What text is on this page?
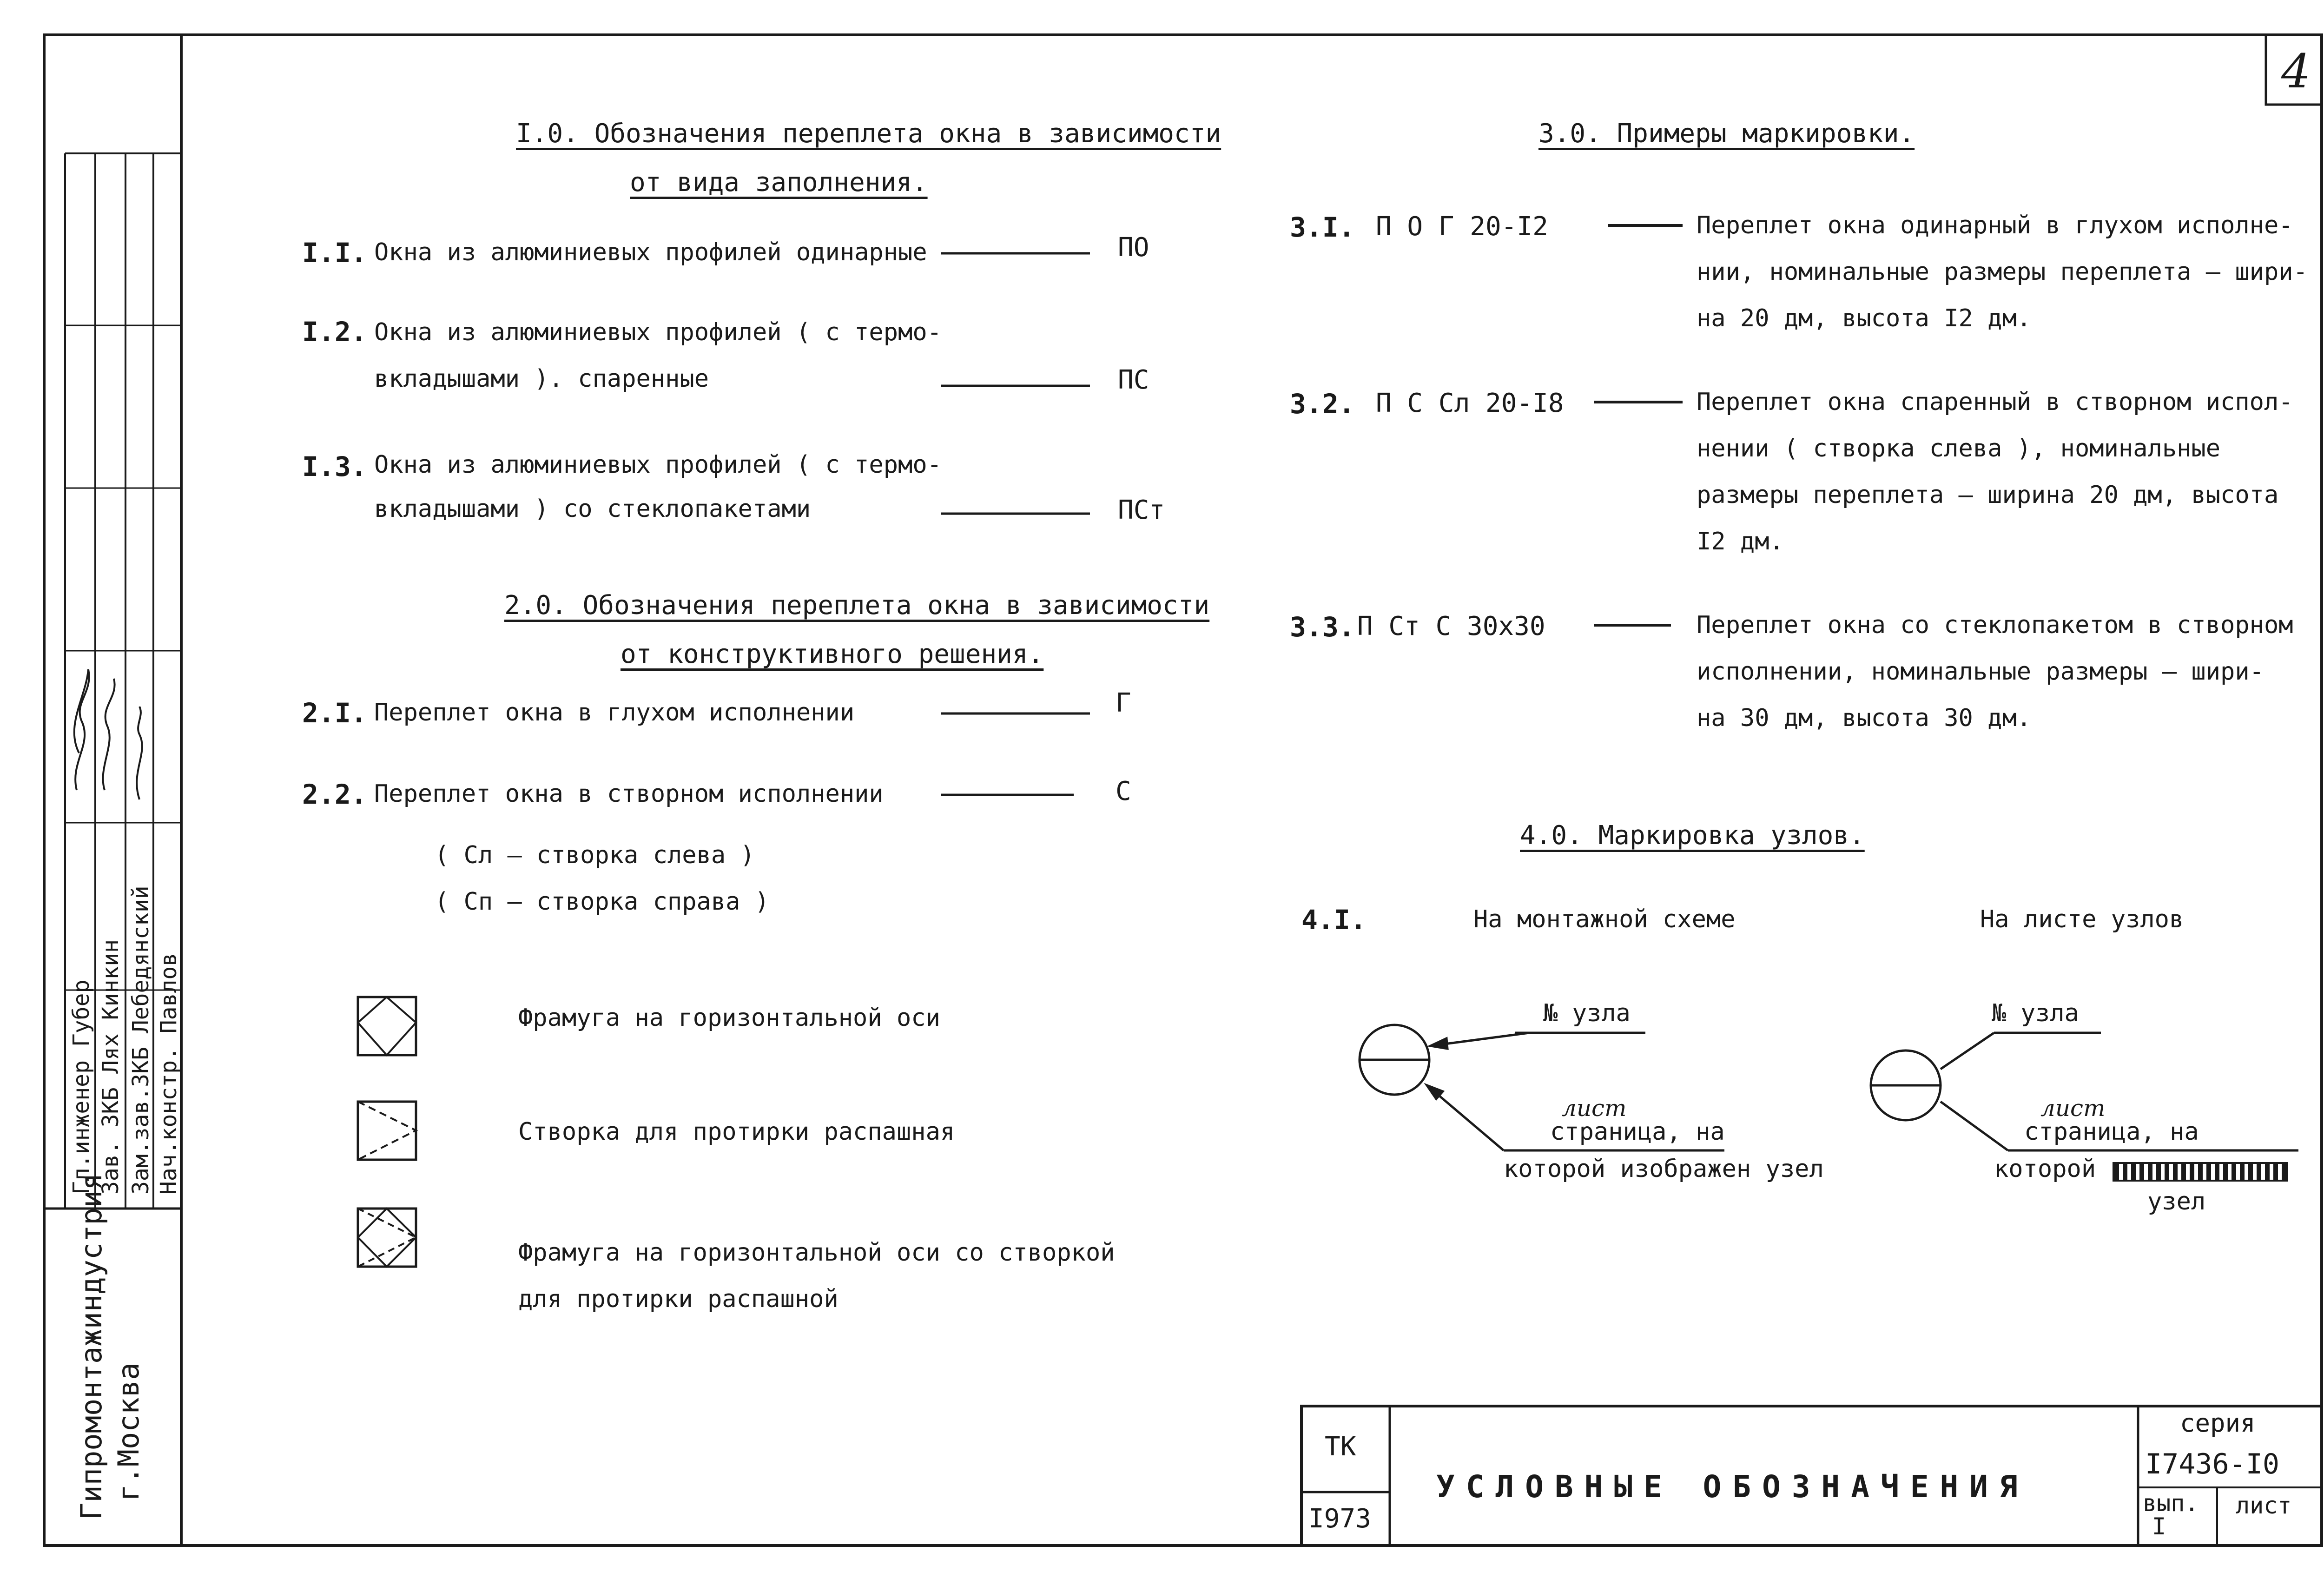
4
Гипромонтажиндустрия г.Москва
Гл.инженер Губер Зав. ЗКБ Лях Кинкин Зам.зав.ЗКБ Лебедянский Нач.констр. Павлов
I.0. Обозначения переплета окна в зависимости
от вида заполнения.
I.I. Окна из алюминиевых профилей одинарные	ПО
I.2. Окна из алюминиевых профилей ( с термо-
вкладышами ). спаренные	ПС
I.3. Окна из алюминиевых профилей ( с термо-
вкладышами ) со стеклопакетами	ПСт
2.0. Обозначения переплета окна в зависимости
от конструктивного решения.
2.I. Переплет окна в глухом исполнении	Г
2.2. Переплет окна в створном исполнении	С
( Сл – створка слева )
( Сп – створка справа )
Фрамуга на горизонтальной оси
Створка для протирки распашная
Фрамуга на горизонтальной оси со створкой
для протирки распашной
3.0. Примеры маркировки.
3.I. П О Г 20-I2	Переплет окна одинарный в глухом исполне-
нии, номинальные размеры переплета – шири-
на 20 дм, высота I2 дм.
3.2. П С Сл 20-I8	Переплет окна спаренный в створном испол-
нении ( створка слева ), номинальные
размеры переплета – ширина 20 дм, высота
I2 дм.
3.3. П Ст С 30х30	Переплет окна со стеклопакетом в створном
исполнении, номинальные размеры – шири-
на 30 дм, высота 30 дм.
4.0. Маркировка узлов.
4.I.	На монтажной схеме	На листе узлов
№ узла
лист
страница, на
которой изображен узел
№ узла
лист
страница, на
которой
узел
ТК
I973
УСЛОВНЫЕ ОБОЗНАЧЕНИЯ
серия
I7436-I0
вып.
I
лист
